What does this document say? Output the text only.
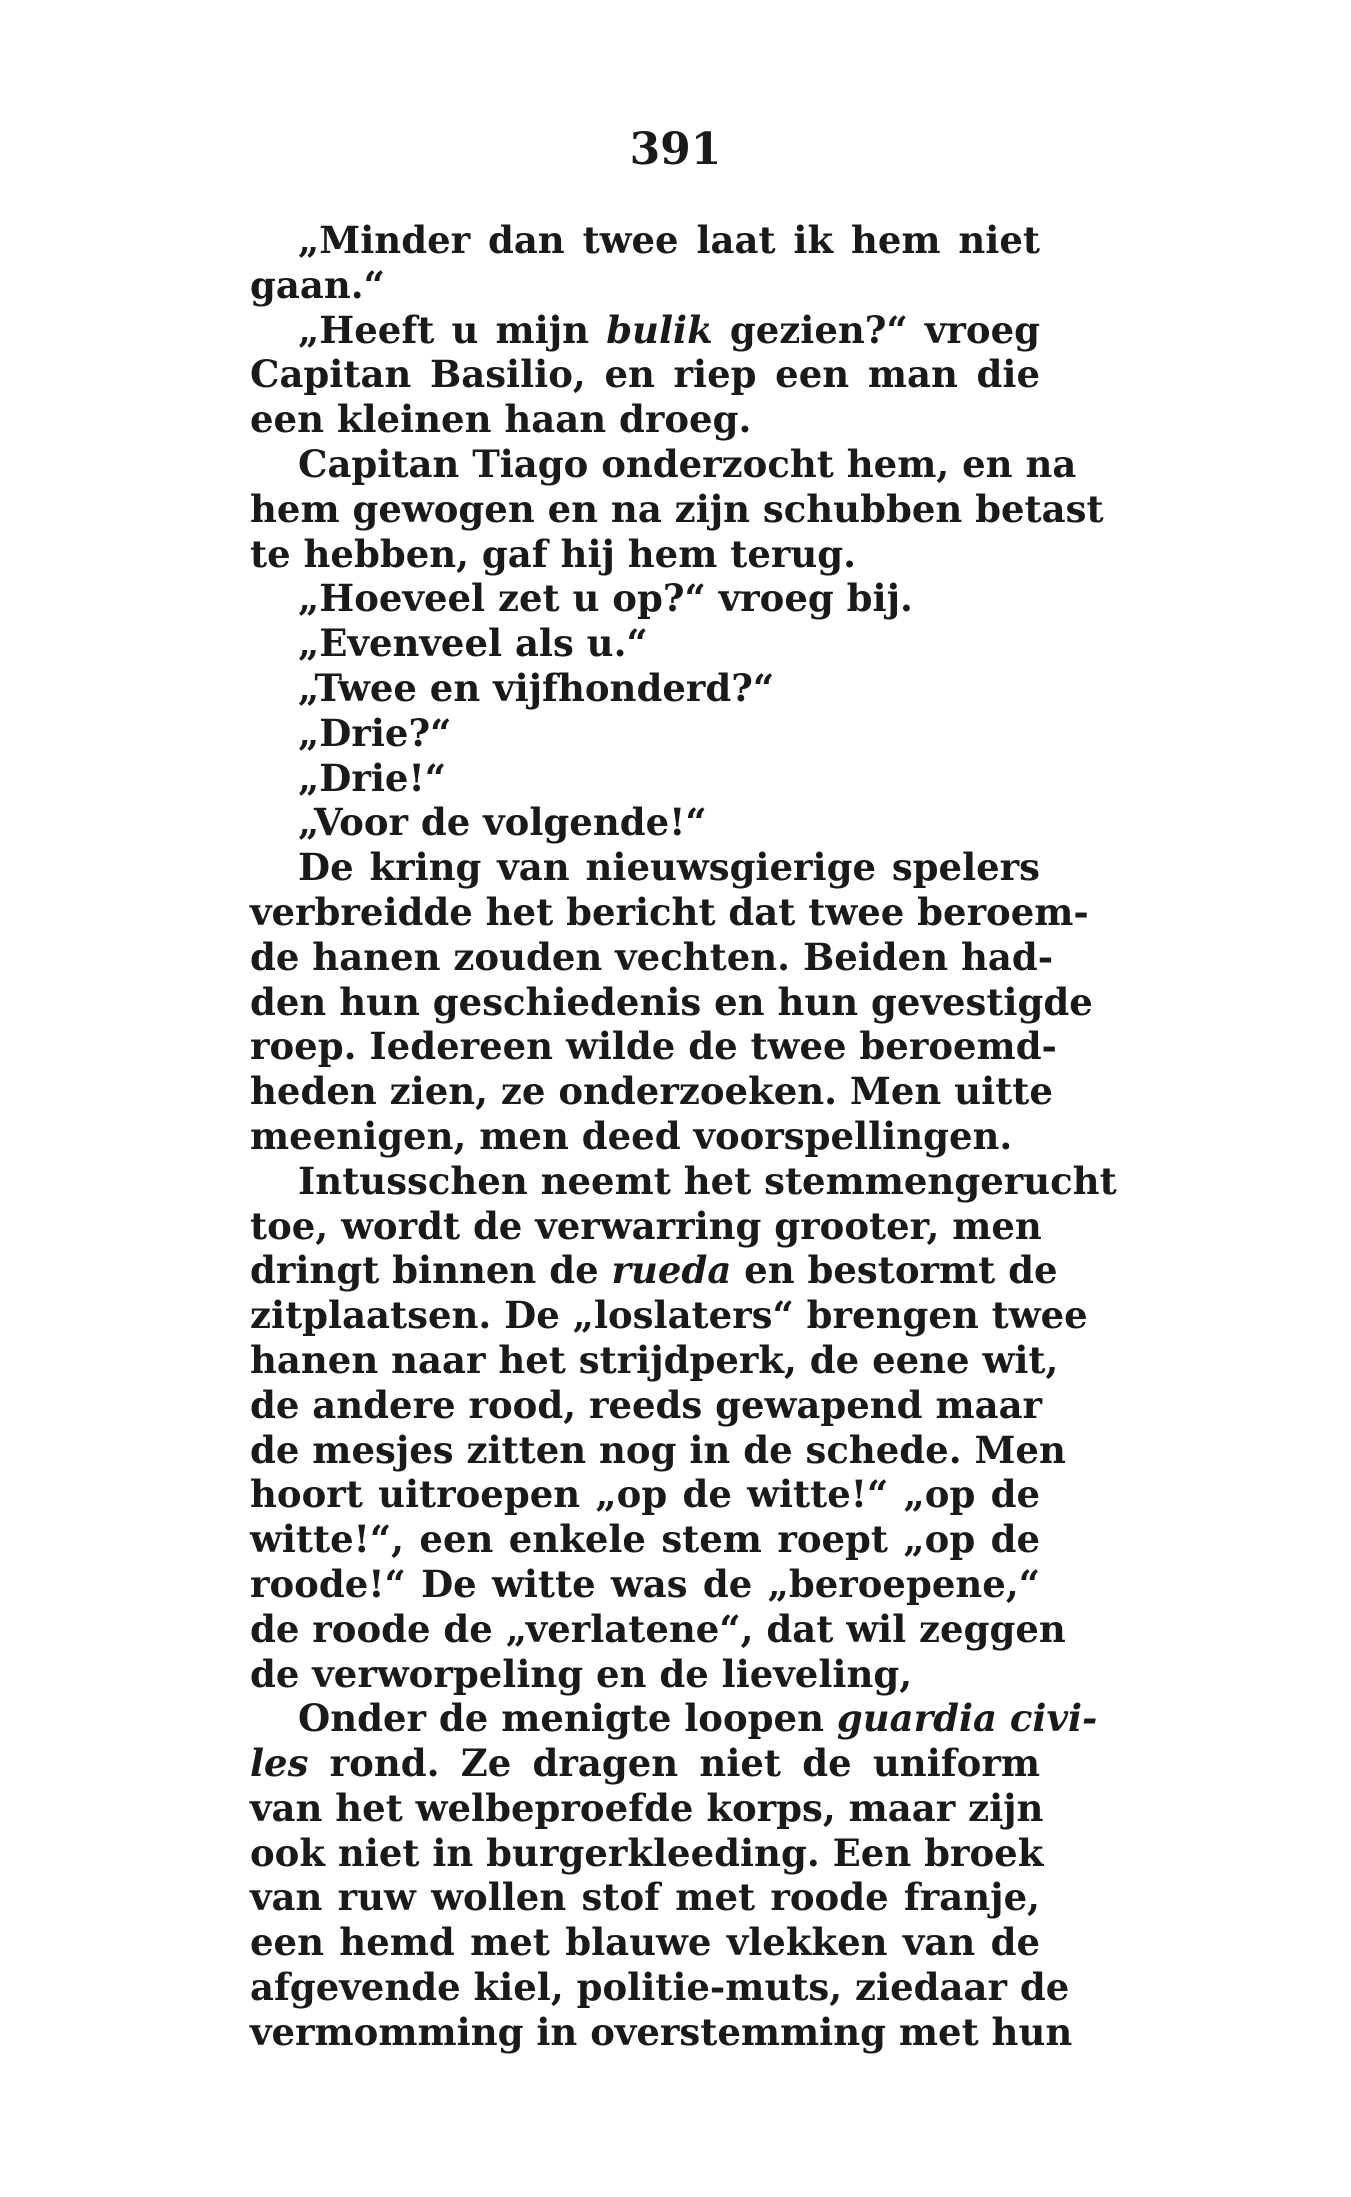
391
„Minder dan twee laat ik hem niet
gaan.“
„Heeft u mijn bulik gezien?“ vroeg
Capitan Basilio, en riep een man die
een kleinen haan droeg.
Capitan Tiago onderzocht hem, en na
hem gewogen en na zijn schubben betast
te hebben, gaf hij hem terug.
„Hoeveel zet u op?“ vroeg bij.
„Evenveel als u.“
„Twee en vijfhonderd?“
„Drie?“
„Drie!“
„Voor de volgende!“
De kring van nieuwsgierige spelers
verbreidde het bericht dat twee beroem-
de hanen zouden vechten. Beiden had-
den hun geschiedenis en hun gevestigde
roep. Iedereen wilde de twee beroemd-
heden zien, ze onderzoeken. Men uitte
meenigen, men deed voorspellingen.
Intusschen neemt het stemmengerucht
toe, wordt de verwarring grooter, men
dringt binnen de rueda en bestormt de
zitplaatsen. De „loslaters“ brengen twee
hanen naar het strijdperk, de eene wit,
de andere rood, reeds gewapend maar
de mesjes zitten nog in de schede. Men
hoort uitroepen „op de witte!“ „op de
witte!“, een enkele stem roept „op de
roode!“ De witte was de „beroepene,“
de roode de „verlatene“, dat wil zeggen
de verworpeling en de lieveling,
Onder de menigte loopen guardia civi-
les rond. Ze dragen niet de uniform
van het welbeproefde korps, maar zijn
ook niet in burgerkleeding. Een broek
van ruw wollen stof met roode franje,
een hemd met blauwe vlekken van de
afgevende kiel, politie-muts, ziedaar de
vermomming in overstemming met hun
